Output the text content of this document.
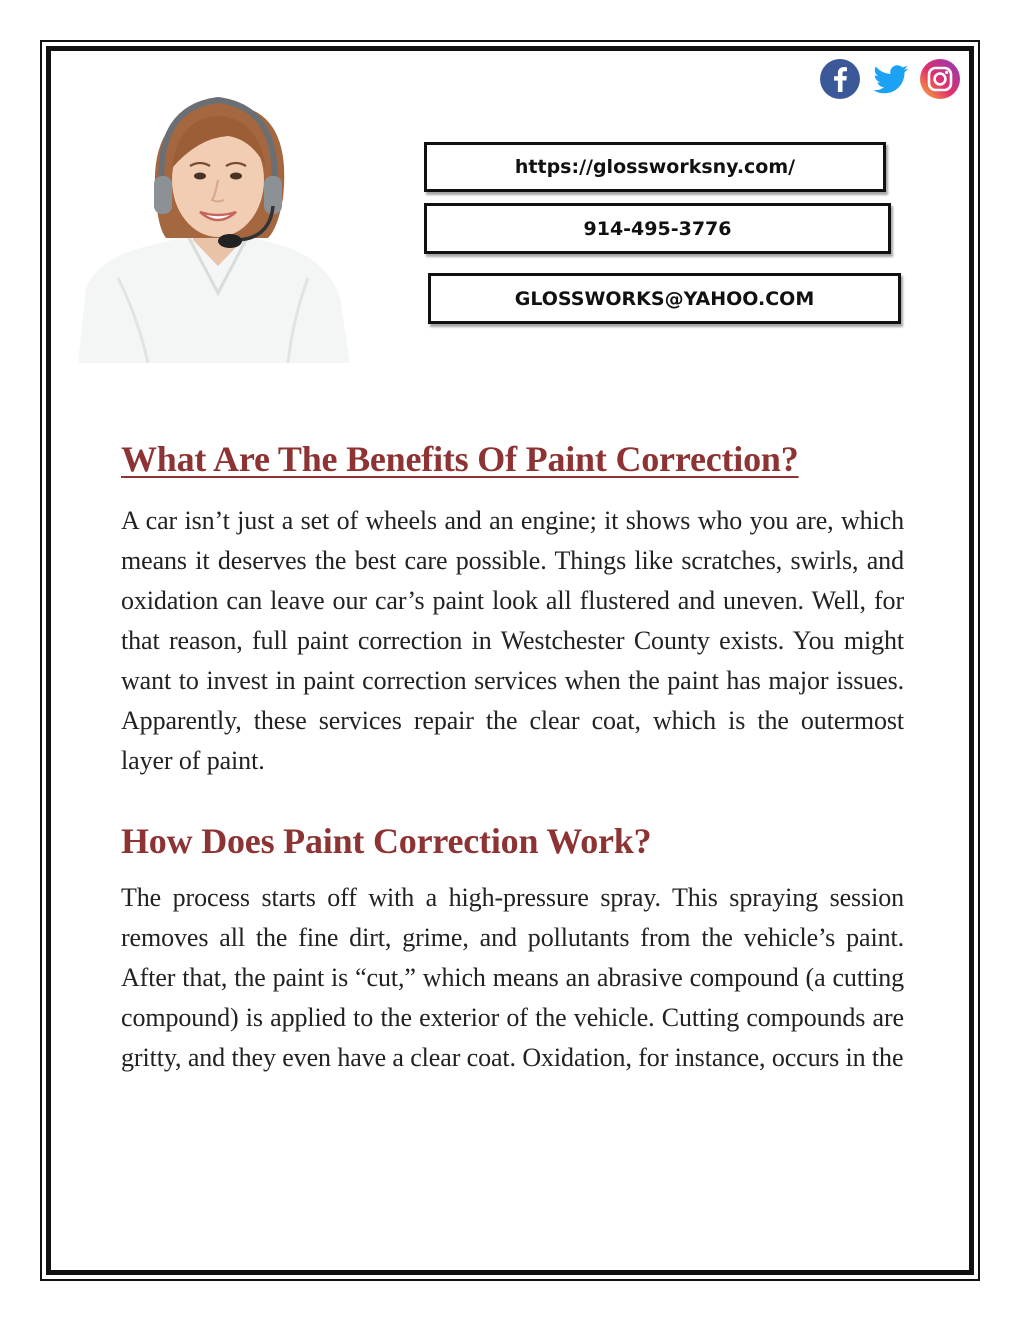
https://glossworksny.com/
914-495-3776
GLOSSWORKS@YAHOO.COM
What Are The Benefits Of Paint Correction?

A car isn’t just a set of wheels and an engine; it shows who you are, which means it deserves the best care possible. Things like scratches, swirls, and oxidation can leave our car’s paint look all flustered and uneven. Well, for that reason, full paint correction in Westchester County exists. You might want to invest in paint correction services when the paint has major issues. Apparently, these services repair the clear coat, which is the outermost layer of paint.

How Does Paint Correction Work?

The process starts off with a high-pressure spray. This spraying session removes all the fine dirt, grime, and pollutants from the vehicle’s paint. After that, the paint is “cut,” which means an abrasive compound (a cutting compound) is applied to the exterior of the vehicle. Cutting compounds are gritty, and they even have a clear coat. Oxidation, for instance, occurs in the
